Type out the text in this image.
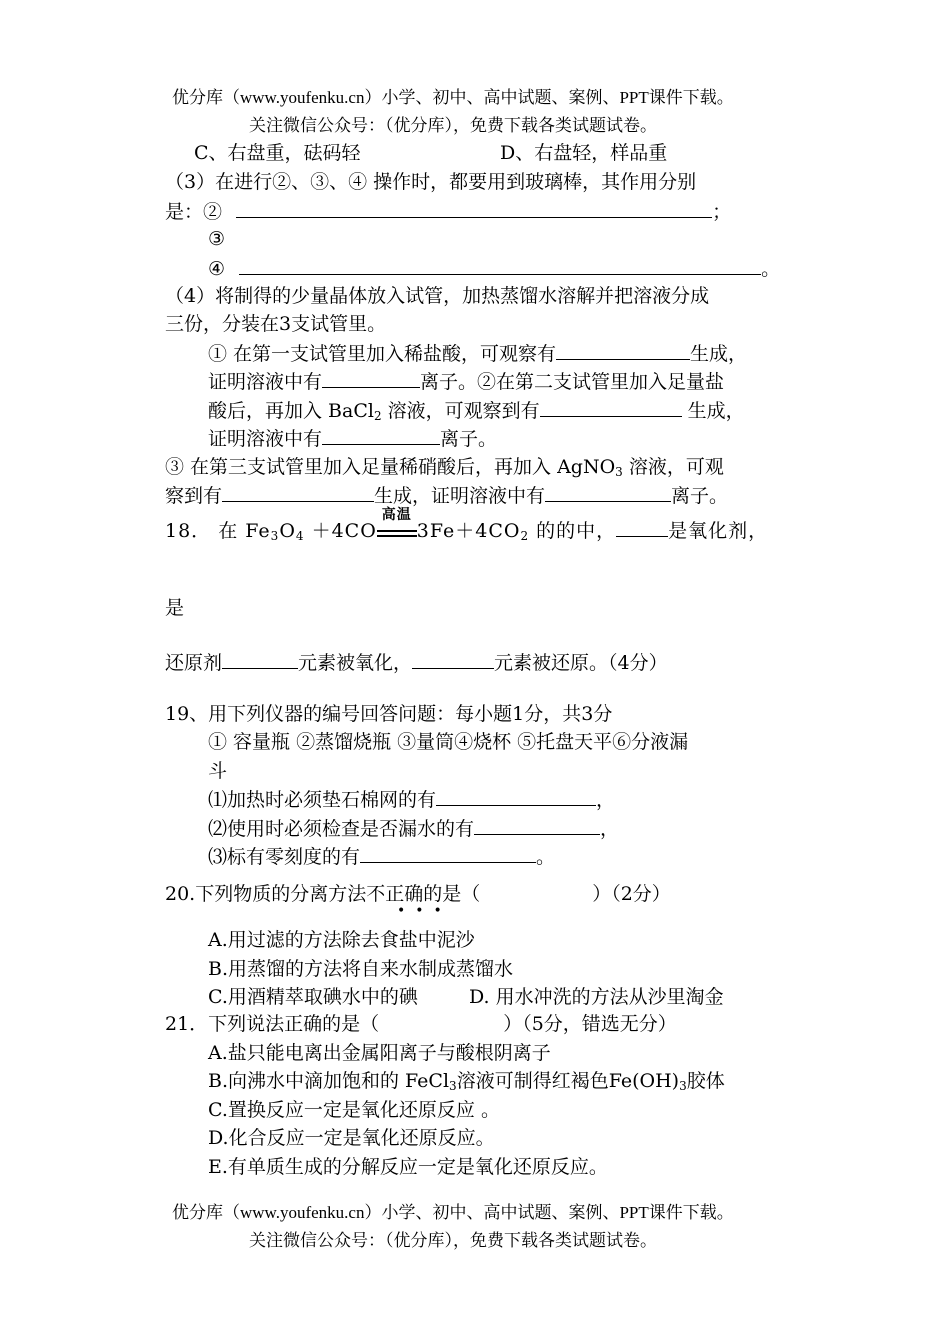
优分库（www.youfenku.cn）小学、初中、高中试题、案例、PPT课件下载。
关注微信公众号：（优分库），免费下载各类试题试卷。
C、右盘重，砝码轻	D、右盘轻，样品重
（3）在进行②、③、④ 操作时，都要用到玻璃棒，其作用分别
是：②	；
③
④	。
（4）将制得的少量晶体放入试管，加热蒸馏水溶解并把溶液分成
三份，分装在3支试管里。
① 在第一支试管里加入稀盐酸，可观察有	生成，
证明溶液中有	离子。②在第二支试管里加入足量盐
酸后，再加入 BaCl$_2$ 溶液，可观察到有	生成，
证明溶液中有	离子。
③ 在第三支试管里加入足量稀硝酸后，再加入 AgNO$_3$ 溶液，可观
察到有	生成，证明溶液中有	离子。
18． 在 $Fe_3O_4 +4CO$
高温
$3Fe+4CO_2$ 的的中，	是氧化剂，
是
还原剂	元素被氧化，	元素被还原。（4分）
19、用下列仪器的编号回答问题：每小题1分，共3分
① 容量瓶 ②蒸馏烧瓶 ③量筒④烧杯 ⑤托盘天平⑥分液漏
斗
⑴加热时必须垫石棉网的有	，
⑵使用时必须检查是否漏水的有	，
⑶标有零刻度的有	。
20.下列物质的分离方法不正确的是（	）（2分）
•••
A.用过滤的方法除去食盐中泥沙
B.用蒸馏的方法将自来水制成蒸馏水
C.用酒精萃取碘水中的碘	D. 用水冲洗的方法从沙里淘金
21．下列说法正确的是（	）（5分，错选无分）
A.盐只能电离出金属阳离子与酸根阴离子
B.向沸水中滴加饱和的 FeCl$_3$溶液可制得红褐色$Fe(OH)_3$胶体
C.置换反应一定是氧化还原反应 。
D.化合反应一定是氧化还原反应。
E.有单质生成的分解反应一定是氧化还原反应。
优分库（www.youfenku.cn）小学、初中、高中试题、案例、PPT课件下载。
关注微信公众号：（优分库），免费下载各类试题试卷。
